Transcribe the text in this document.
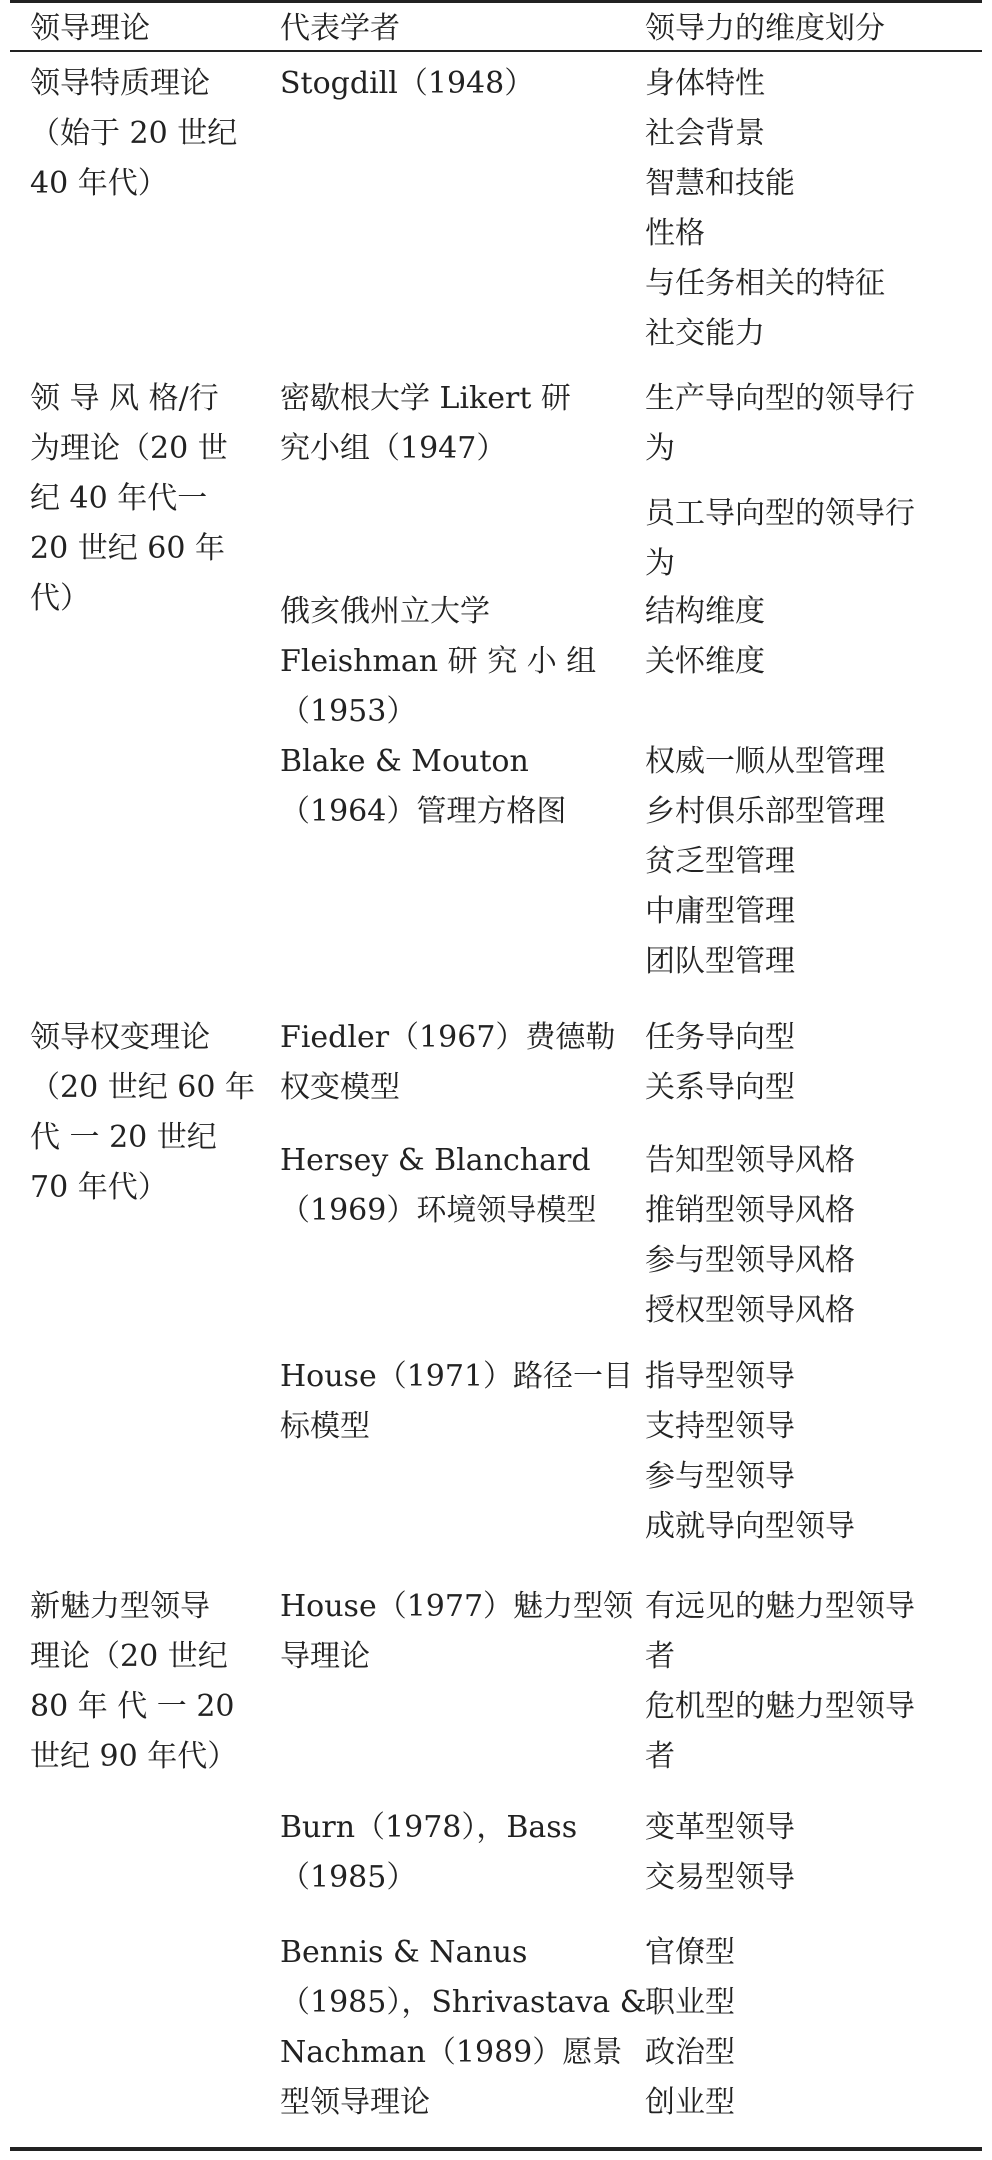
领导理论	代表学者	领导力的维度划分
领导特质理论
（始于 20 世纪
40 年代）
领 导 风 格/行
为理论（20 世
纪 40 年代一
20 世纪 60 年
代）
领导权变理论
（20 世纪 60 年
代 一 20 世纪
70 年代）
新魅力型领导
理论（20 世纪
80 年 代 一 20
世纪 90 年代）
Stogdill（1948）
密歇根大学 Likert 研
究小组（1947）
俄亥俄州立大学
Fleishman 研 究 小 组
（1953）
Blake & Mouton
（1964）管理方格图
Fiedler（1967）费德勒
权变模型
Hersey & Blanchard
（1969）环境领导模型
House（1971）路径一目
标模型
House（1977）魅力型领
导理论
Burn（1978），Bass
（1985）
Bennis & Nanus
（1985），Shrivastava &
Nachman（1989）愿景
型领导理论
身体特性
社会背景
智慧和技能
性格
与任务相关的特征
社交能力
生产导向型的领导行
为
员工导向型的领导行
为
结构维度
关怀维度
权威一顺从型管理
乡村俱乐部型管理
贫乏型管理
中庸型管理
团队型管理
任务导向型
关系导向型
告知型领导风格
推销型领导风格
参与型领导风格
授权型领导风格
指导型领导
支持型领导
参与型领导
成就导向型领导
有远见的魅力型领导
者
危机型的魅力型领导
者
变革型领导
交易型领导
官僚型
职业型
政治型
创业型
